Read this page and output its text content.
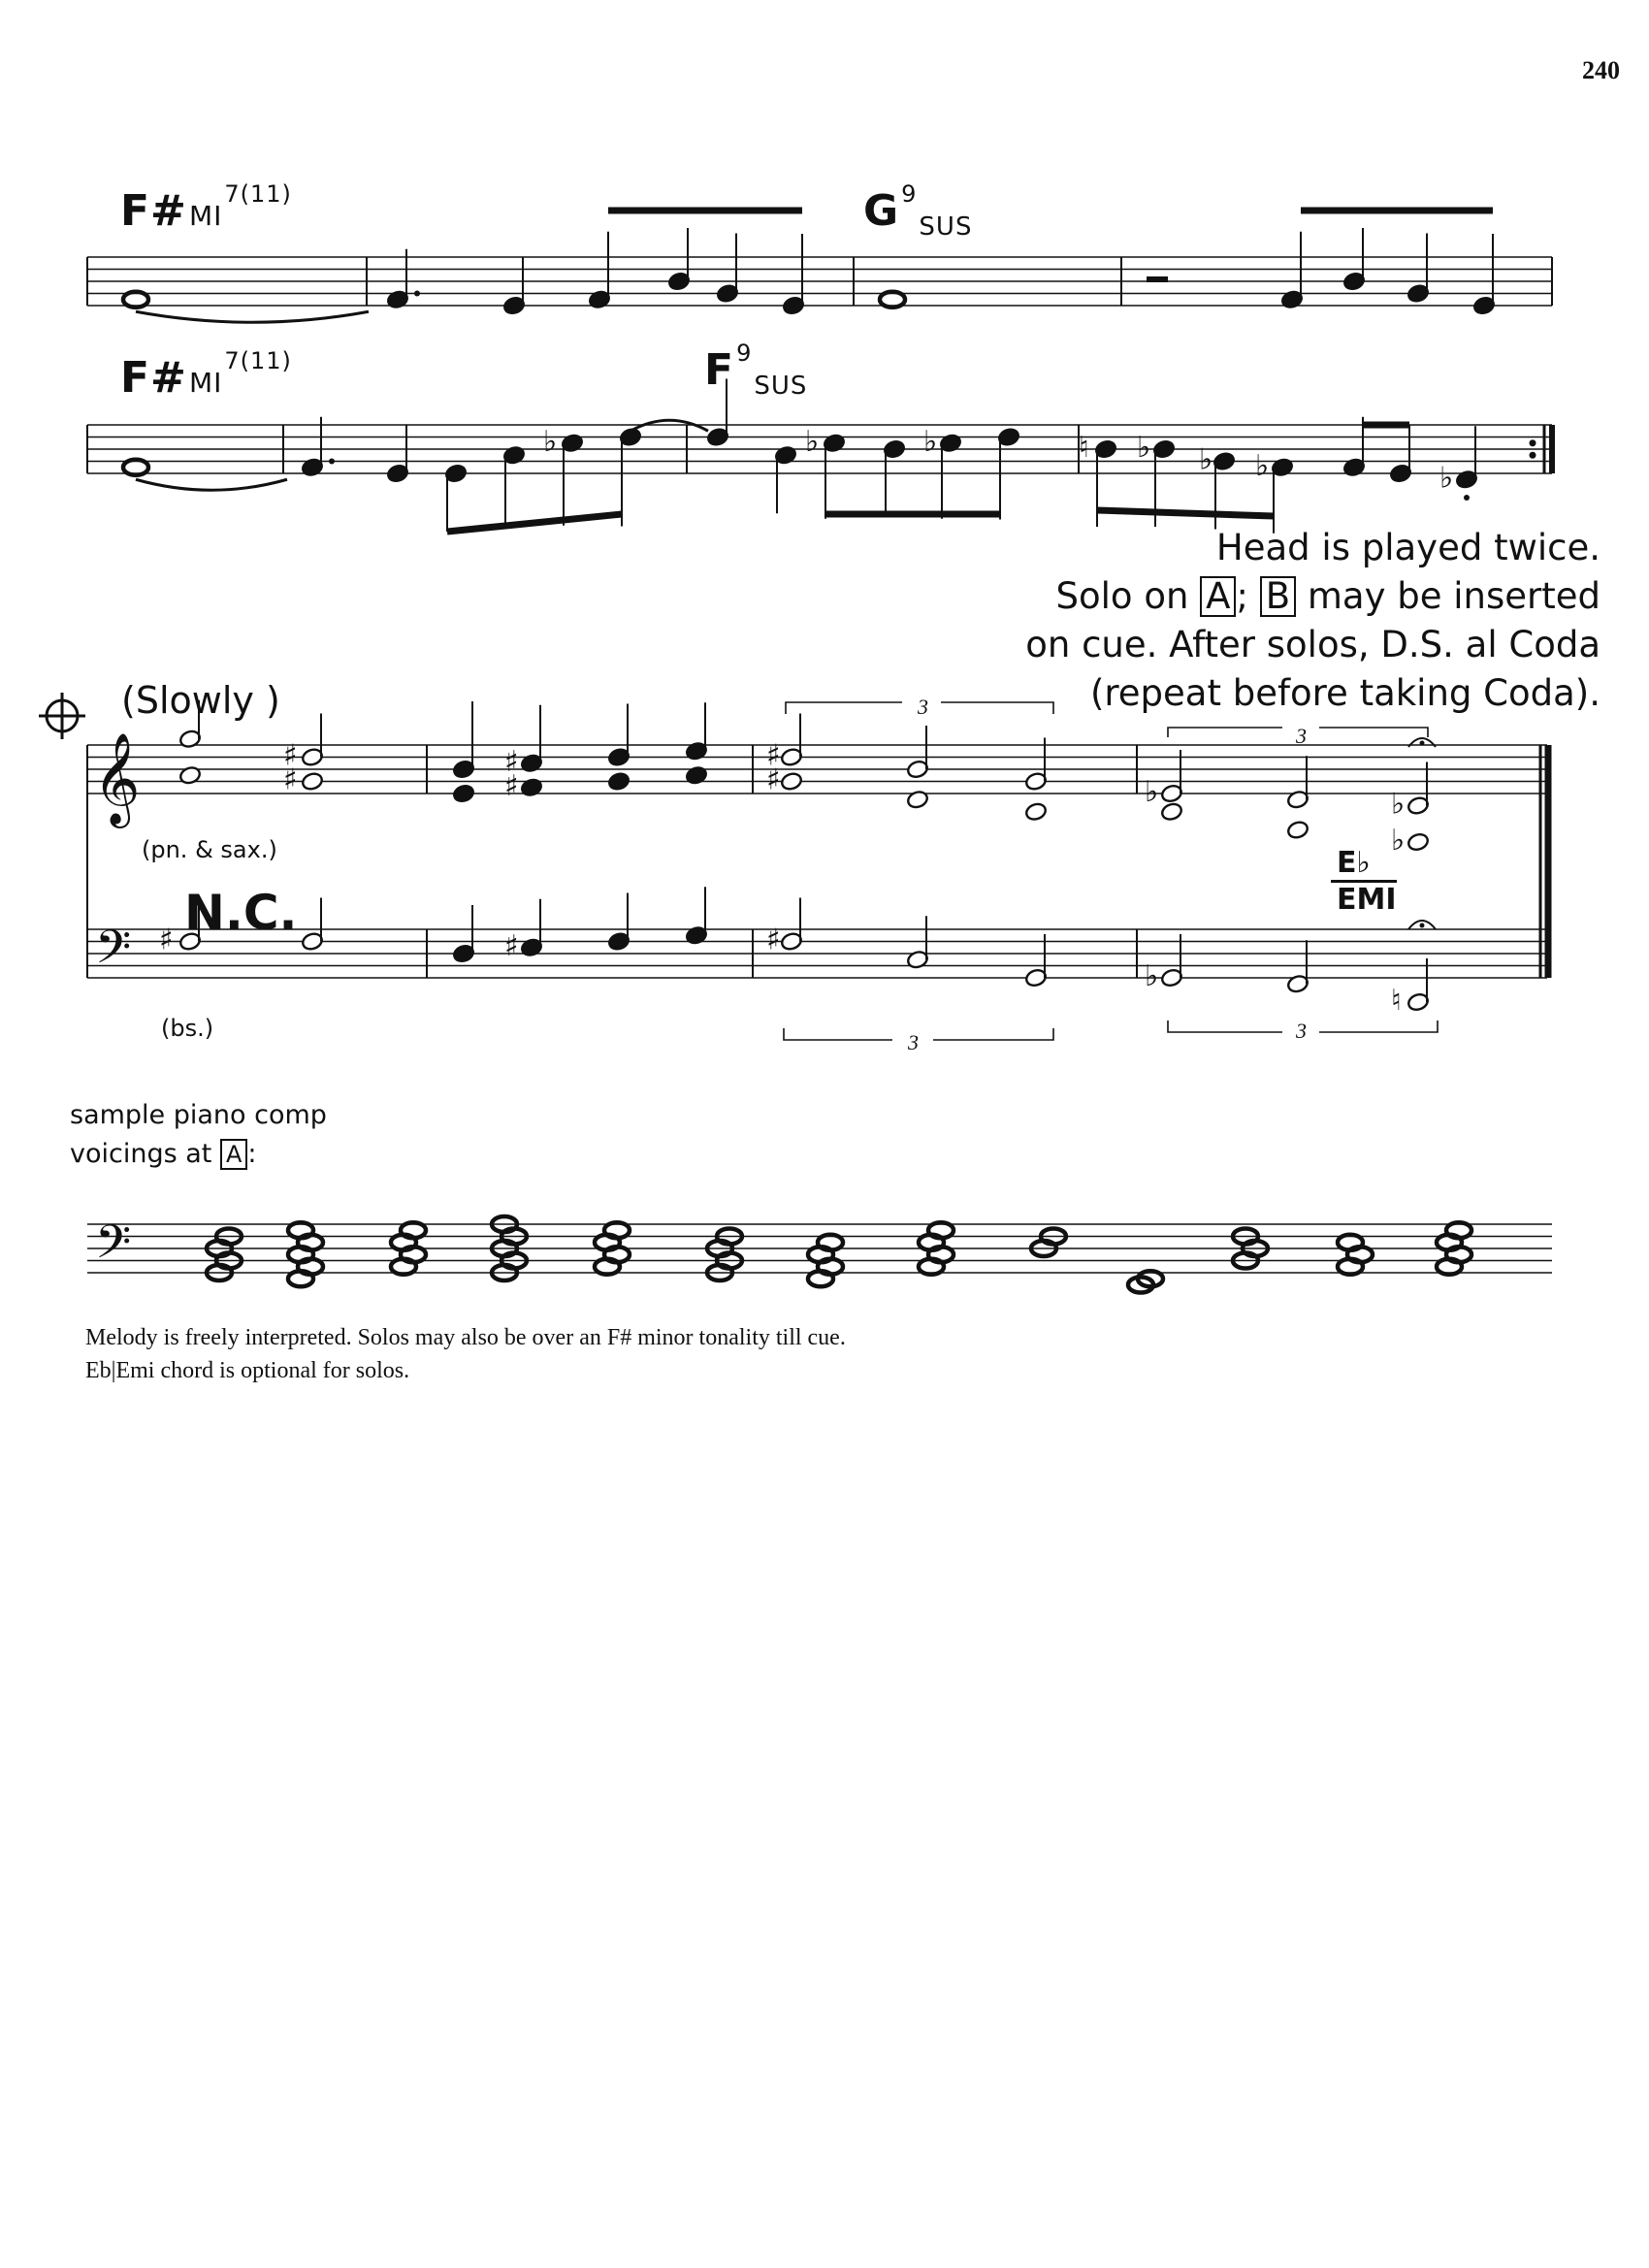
♭	♭	♭	♮ ♭ ♭ ♭	♭
𝄞
𝄢
♯
♯
♯
♯
♯
♯	♭	♭
♭
♯	♯	♯
♭
♮
𝄢
240
$F\#MI^{7(11)}$	$G^9_{SUS}$
$F\#MI^{7(11)}$	$F^9_{SUS}$
Head is played twice.
Solo on A ; B may be inserted
on cue. After solos, D.S. al Coda
(repeat before taking Coda).
(Slowly )
(pn. & sax.)
N.C.
(bs.)
E♭
EMI
3
3
3	3
sample piano comp
voicings at A :
Melody is freely interpreted. Solos may also be over an F# minor tonality till cue.
Eb|Emi chord is optional for solos.
